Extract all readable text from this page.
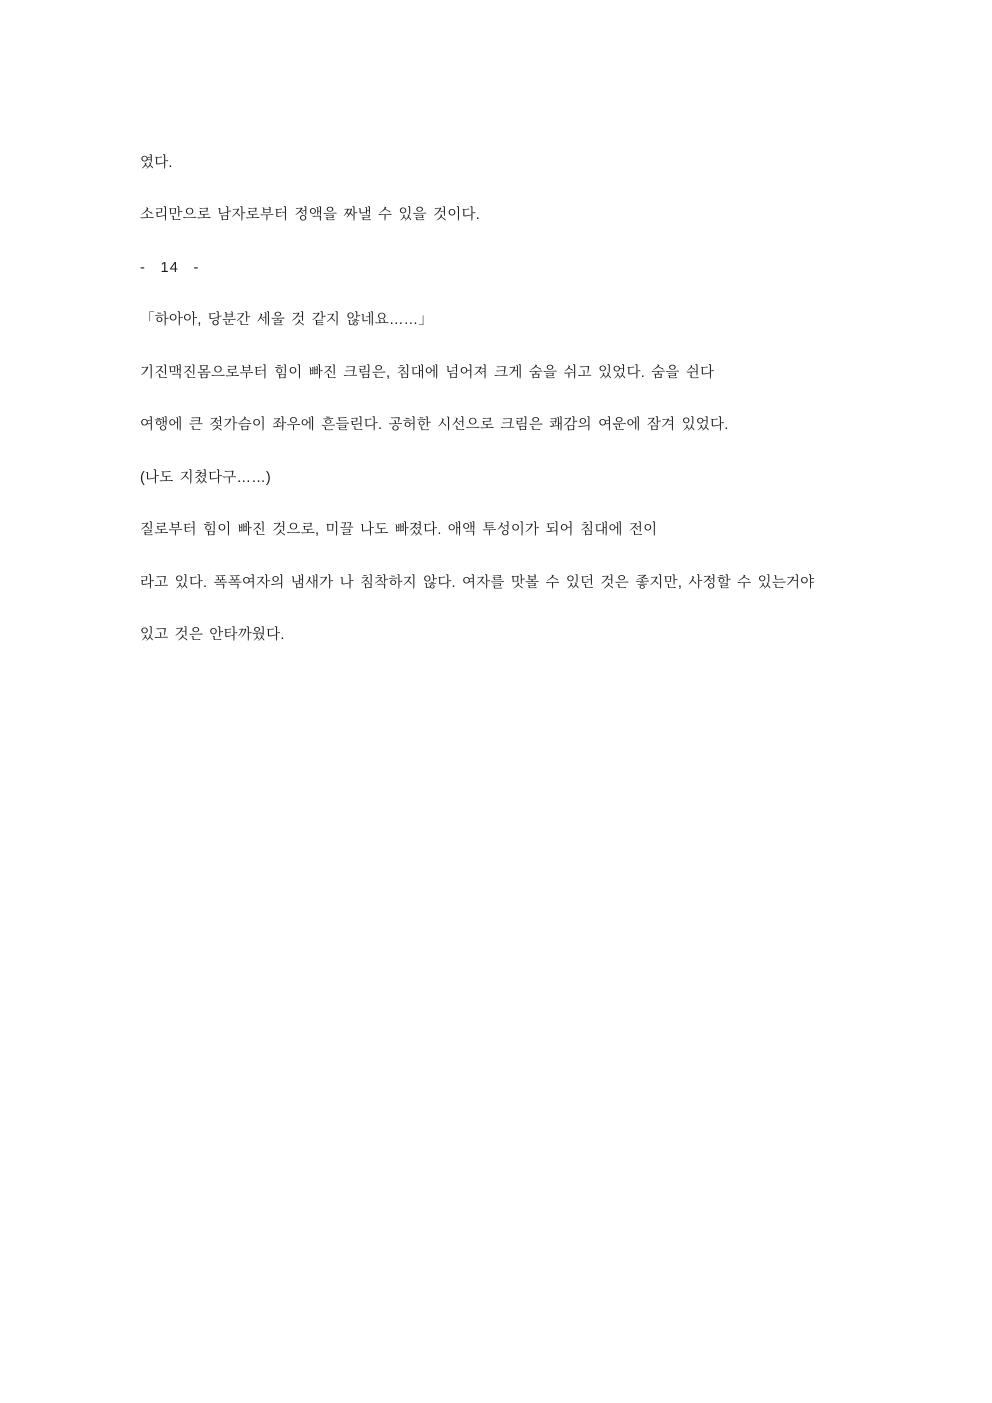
였다.

소리만으로 남자로부터 정액을 짜낼 수 있을 것이다.

-  14  -

「하아아, 당분간 세울 것 같지 않네요……」

기진맥진몸으로부터 힘이 빠진 크림은, 침대에 넘어져 크게 숨을 쉬고 있었다. 숨을 쉰다

여행에 큰 젖가슴이 좌우에 흔들린다. 공허한 시선으로 크림은 쾌감의 여운에 잠겨 있었다.

(나도 지쳤다구……)

질로부터 힘이 빠진 것으로, 미끌 나도 빠졌다. 애액 투성이가 되어 침대에 전이

라고 있다. 폭폭여자의 냄새가 나 침착하지 않다. 여자를 맛볼 수 있던 것은 좋지만, 사정할 수 있는거야

있고 것은 안타까웠다.
